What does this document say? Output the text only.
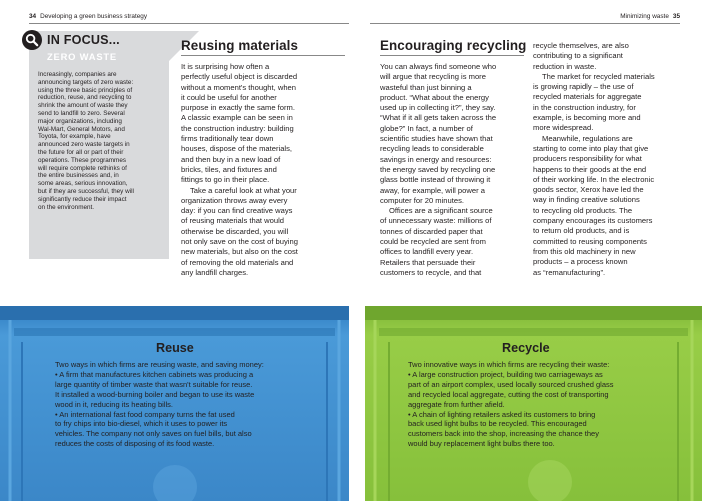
34 Developing a green business strategy	Minimizing waste 35
IN FOCUS...
ZERO WASTE
Increasingly, companies are
announcing targets of zero waste:
using the three basic principles of
reduction, reuse, and recycling to
shrink the amount of waste they
send to landfill to zero. Several
major organizations, including
Wal-Mart, General Motors, and
Toyota, for example, have
announced zero waste targets in
the future for all or part of their
operations. These programmes
will require complete rethinks of
the entire businesses and, in
some areas, serious innovation,
but if they are successful, they will
significantly reduce their impact
on the environment.
Reusing materials
It is surprising how often a
perfectly useful object is discarded
without a moment's thought, when
it could be useful for another
purpose in exactly the same form.
A classic example can be seen in
the construction industry: building
firms traditionally tear down
houses, dispose of the materials,
and then buy in a new load of
bricks, tiles, and fixtures and
fittings to go in their place.
Take a careful look at what your
organization throws away every
day: if you can find creative ways
of reusing materials that would
otherwise be discarded, you will
not only save on the cost of buying
new materials, but also on the cost
of removing the old materials and
any landfill charges.
Encouraging recycling
You can always find someone who
will argue that recycling is more
wasteful than just binning a
product. “What about the energy
used up in collecting it?”, they say.
“What if it all gets taken across the
globe?” In fact, a number of
scientific studies have shown that
recycling leads to considerable
savings in energy and resources:
the energy saved by recycling one
glass bottle instead of throwing it
away, for example, will power a
computer for 20 minutes.
Offices are a significant source
of unnecessary waste: millions of
tonnes of discarded paper that
could be recycled are sent from
offices to landfill every year.
Retailers that persuade their
customers to recycle, and that
recycle themselves, are also
contributing to a significant
reduction in waste.
The market for recycled materials
is growing rapidly – the use of
recycled materials for aggregate
in the construction industry, for
example, is becoming more and
more widespread.
Meanwhile, regulations are
starting to come into play that give
producers responsibility for what
happens to their goods at the end
of their working life. In the electronic
goods sector, Xerox have led the
way in finding creative solutions
to recycling old products. The
company encourages its customers
to return old products, and is
committed to reusing components
from this old machinery in new
products – a process known
as “remanufacturing”.
Reuse
Two ways in which firms are reusing waste, and saving money:
• A firm that manufactures kitchen cabinets was producing a
large quantity of timber waste that wasn't suitable for reuse.
It installed a wood-burning boiler and began to use its waste
wood in it, reducing its heating bills.
• An international fast food company turns the fat used
to fry chips into bio-diesel, which it uses to power its
vehicles. The company not only saves on fuel bills, but also
reduces the costs of disposing of its food waste.
Recycle
Two innovative ways in which firms are recycling their waste:
• A large construction project, building two carriageways as
part of an airport complex, used locally sourced crushed glass
and recycled local aggregate, cutting the cost of transporting
aggregate from further afield.
• A chain of lighting retailers asked its customers to bring
back used light bulbs to be recycled. This encouraged
customers back into the shop, increasing the chance they
would buy replacement light bulbs there too.
